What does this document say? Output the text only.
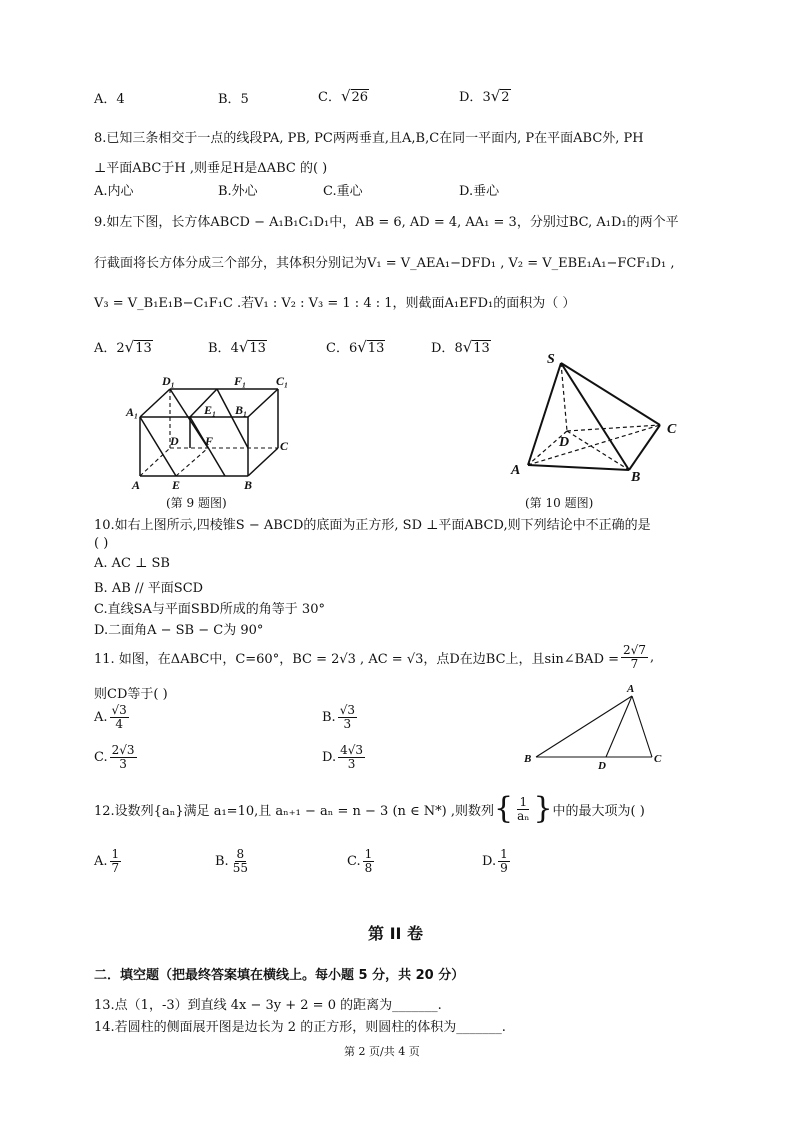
A．4	B．5	C．√26	D．3√2
8.已知三条相交于一点的线段PA, PB, PC两两垂直,且A,B,C在同一平面内, P在平面ABC外, PH
⊥平面ABC于H ,则垂足H是ΔABC 的( )
A.内心	B.外心	C.重心	D.垂心
9.如左下图，长方体ABCD − A₁B₁C₁D₁中，AB = 6, AD = 4, AA₁ = 3，分别过BC, A₁D₁的两个平
行截面将长方体分成三个部分，其体积分别记为V₁ = V_AEA₁−DFD₁ , V₂ = V_EBE₁A₁−FCF₁D₁ ,
V₃ = V_B₁E₁B−C₁F₁C .若V₁ : V₂ : V₃ = 1 : 4 : 1，则截面A₁EFD₁的面积为（ ）
A．2√13	B．4√13	C．6√13	D．8√13
D₁	F₁ C₁
A₁	E₁ B₁
D F	C
A	E	B
(第 9 题图)
S
C
D
A	B
(第 10 题图)
10.如右上图所示,四棱锥S − ABCD的底面为正方形, SD ⊥平面ABCD,则下列结论中不正确的是
( )
A. AC ⊥ SB
B. AB // 平面SCD
C.直线SA与平面SBD所成的角等于 30°
D.二面角A − SB − C为 90°
11. 如图，在ΔABC中，C=60°，BC = 2√3 , AC = √3，点D在边BC上，且sin∠BAD = $\frac{2√7}{7}$ ,
则CD等于( )
A. $\frac{√3}{4}$	B. $\frac{√3}{3}$
C. $\frac{2√3}{3}$	D. $\frac{4√3}{3}$
A
B
D
C
12.设数列{aₙ}满足 a₁=10,且 aₙ₊₁ − aₙ = n − 3 (n ∈ N*) ,则数列 { $\frac{1}{\text{aₙ}}$ } 中的最大项为( )
A. $\frac{1}{7}$	B. $\frac{8}{55}$	C. $\frac{1}{8}$	D. $\frac{1}{9}$
第 II 卷
二．填空题（把最终答案填在横线上。每小题 5 分，共 20 分）
13.点（1，-3）到直线 4x − 3y + 2 = 0 的距离为_______.
14.若圆柱的侧面展开图是边长为 2 的正方形，则圆柱的体积为_______.
第 2 页/共 4 页
